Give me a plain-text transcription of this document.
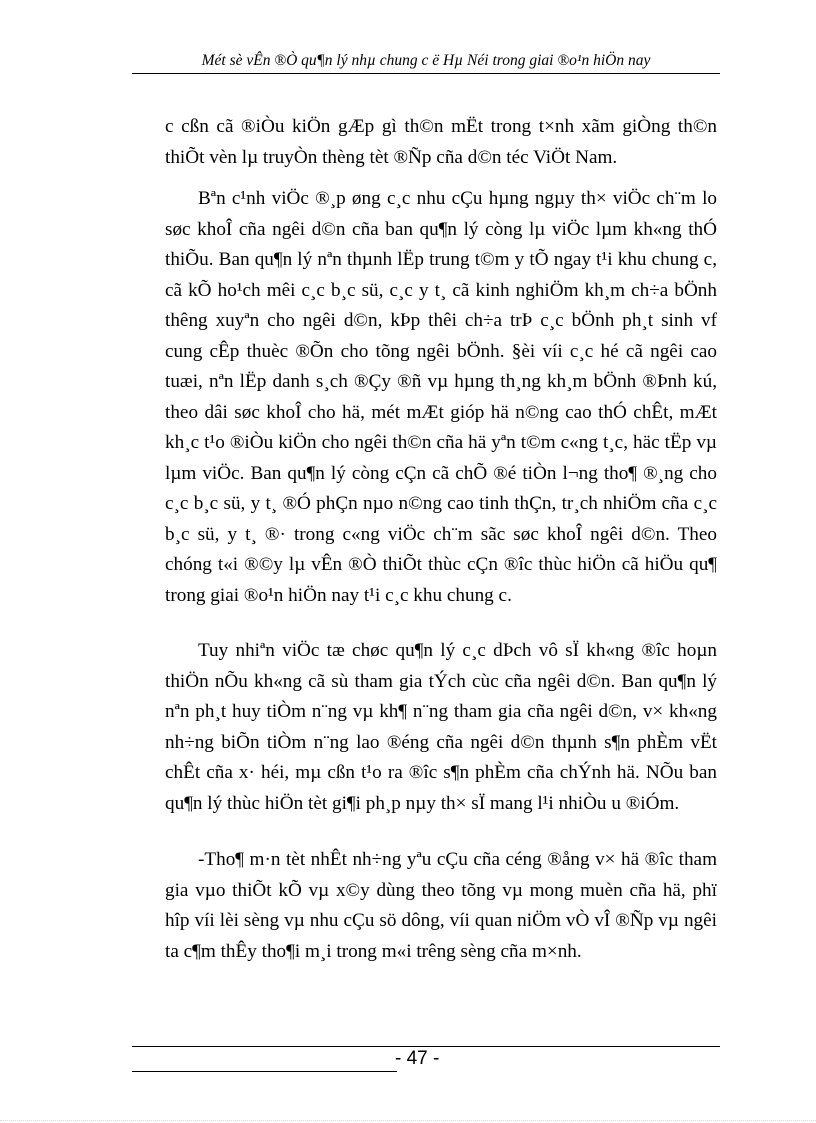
Mét sè vÊn ®Ò qu¶n lý nhµ chung c ë Hµ Néi trong giai ®o¹n hiÖn nay

c cßn cã ®iÒu kiÖn gÆp gì th©n mËt trong t×nh xãm giÒng th©n thiÕt vèn lµ truyÒn thèng tèt ®Ñp cña d©n téc ViÖt Nam.

Bªn c¹nh viÖc ®¸p øng c¸c nhu cÇu hµng ngµy th× viÖc ch¨m lo søc khoÎ cña ngêi d©n cña ban qu¶n lý còng lµ viÖc lµm kh«ng thÓ thiÕu. Ban qu¶n lý nªn thµnh lËp trung t©m y tÕ ngay t¹i khu chung c, cã kÕ ho¹ch mêi c¸c b¸c sü, c¸c y t¸ cã kinh nghiÖm kh¸m ch÷a bÖnh thêng xuyªn cho ngêi d©n, kÞp thêi ch÷a trÞ c¸c bÖnh ph¸t sinh vf cung cÊp thuèc ®Õn cho tõng ngêi bÖnh. §èi víi c¸c hé cã ngêi cao tuæi, nªn lËp danh s¸ch ®Çy ®ñ vµ hµng th¸ng kh¸m bÖnh ®Þnh kú, theo dâi søc khoÎ cho hä, mét mÆt gióp hä n©ng cao thÓ chÊt, mÆt kh¸c t¹o ®iÒu kiÖn cho ngêi th©n cña hä yªn t©m c«ng t¸c, häc tËp vµ lµm viÖc. Ban qu¶n lý còng cÇn cã chÕ ®é tiÒn l¬ng tho¶ ®¸ng cho c¸c b¸c sü, y t¸ ®Ó phÇn nµo n©ng cao tinh thÇn, tr¸ch nhiÖm cña c¸c b¸c sü, y t¸ ®· trong c«ng viÖc ch¨m sãc søc khoÎ ngêi d©n. Theo chóng t«i ®©y lµ vÊn ®Ò thiÕt thùc cÇn ®îc thùc hiÖn cã hiÖu qu¶ trong giai ®o¹n hiÖn nay t¹i c¸c khu chung c.

Tuy nhiªn viÖc tæ chøc qu¶n lý c¸c dÞch vô sÏ kh«ng ®îc hoµn thiÖn nÕu kh«ng cã sù tham gia tÝch cùc cña ngêi d©n. Ban qu¶n lý nªn ph¸t huy tiÒm n¨ng vµ kh¶ n¨ng tham gia cña ngêi d©n, v× kh«ng nh÷ng biÕn tiÒm n¨ng lao ®éng cña ngêi d©n thµnh s¶n phÈm vËt chÊt cña x· héi, mµ cßn t¹o ra ®îc s¶n phÈm cña chÝnh hä. NÕu ban qu¶n lý thùc hiÖn tèt gi¶i ph¸p nµy th× sÏ mang l¹i nhiÒu u ®iÓm.

-Tho¶ m·n tèt nhÊt nh÷ng yªu cÇu cña céng ®ång v× hä ®îc tham gia vµo thiÕt kÕ vµ x©y dùng theo tõng vµ mong muèn cña hä, phï hîp víi lèi sèng vµ nhu cÇu sö dông, víi quan niÖm vÒ vÎ ®Ñp vµ ngêi ta c¶m thÊy tho¶i m¸i trong m«i trêng sèng cña m×nh.

- 47 -
